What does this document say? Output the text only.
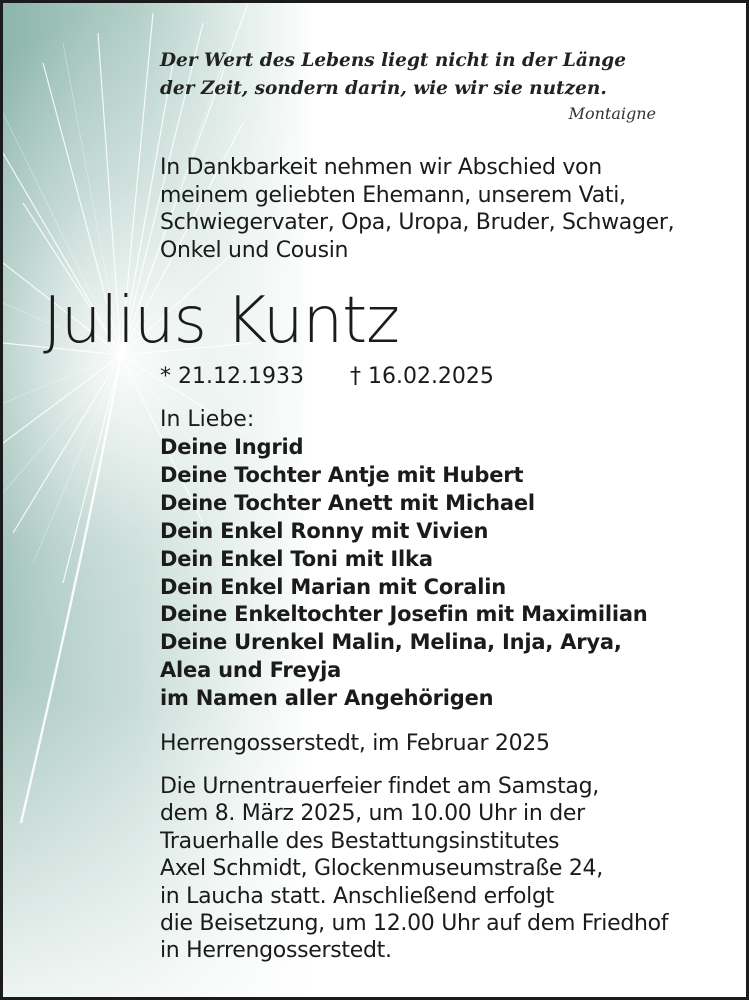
Der Wert des Lebens liegt nicht in der Länge
der Zeit, sondern darin, wie wir sie nutzen.
Montaigne
In Dankbarkeit nehmen wir Abschied von
meinem geliebten Ehemann, unserem Vati,
Schwiegervater, Opa, Uropa, Bruder, Schwager,
Onkel und Cousin
Julius Kuntz
* 21.12.1933 † 16.02.2025
In Liebe:
Deine Ingrid
Deine Tochter Antje mit Hubert
Deine Tochter Anett mit Michael
Dein Enkel Ronny mit Vivien
Dein Enkel Toni mit Ilka
Dein Enkel Marian mit Coralin
Deine Enkeltochter Josefin mit Maximilian
Deine Urenkel Malin, Melina, Inja, Arya,
Alea und Freyja
im Namen aller Angehörigen
Herrengosserstedt, im Februar 2025
Die Urnentrauerfeier findet am Samstag,
dem 8. März 2025, um 10.00 Uhr in der
Trauerhalle des Bestattungsinstitutes
Axel Schmidt, Glockenmuseumstraße 24,
in Laucha statt. Anschließend erfolgt
die Beisetzung, um 12.00 Uhr auf dem Friedhof
in Herrengosserstedt.
